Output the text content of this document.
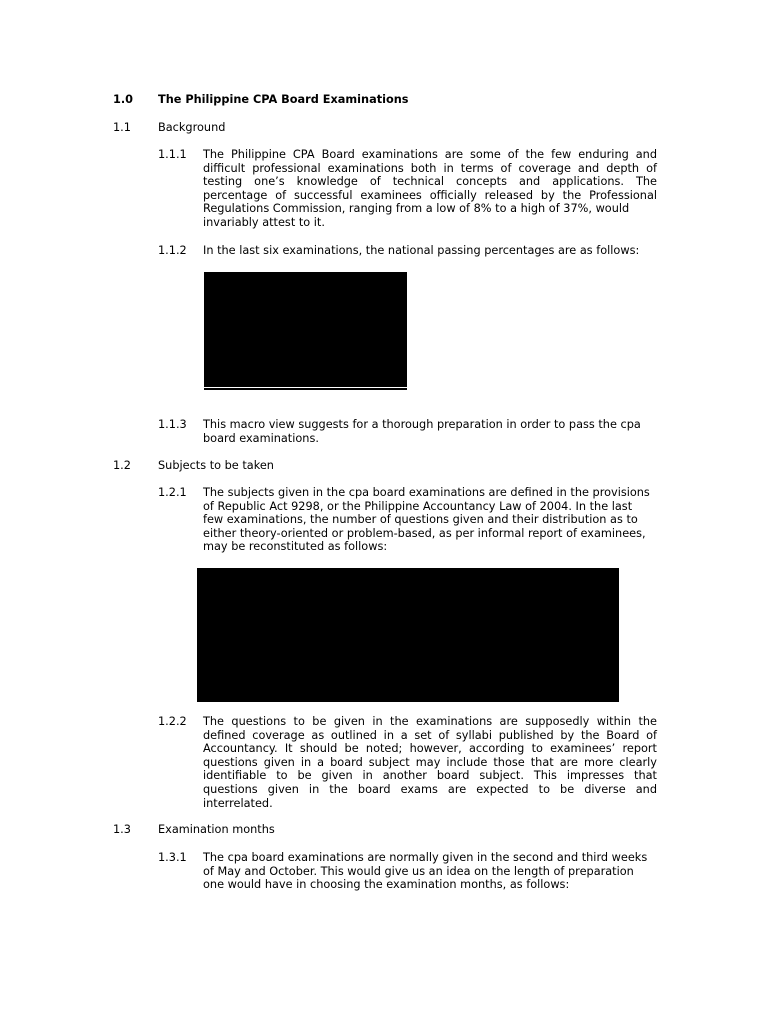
1.0 The Philippine CPA Board Examinations
1.1 Background
1.1.1 The Philippine CPA Board examinations are some of the few enduring and
difficult professional examinations both in terms of coverage and depth of
testing one’s knowledge of technical concepts and applications. The
percentage of successful examinees officially released by the Professional
Regulations Commission, ranging from a low of 8% to a high of 37%, would
invariably attest to it.
1.1.2 In the last six examinations, the national passing percentages are as follows:
1.1.3 This macro view suggests for a thorough preparation in order to pass the cpa
board examinations.
1.2 Subjects to be taken
1.2.1 The subjects given in the cpa board examinations are defined in the provisions
of Republic Act 9298, or the Philippine Accountancy Law of 2004. In the last
few examinations, the number of questions given and their distribution as to
either theory-oriented or problem-based, as per informal report of examinees,
may be reconstituted as follows:
1.2.2 The questions to be given in the examinations are supposedly within the
defined coverage as outlined in a set of syllabi published by the Board of
Accountancy. It should be noted; however, according to examinees’ report
questions given in a board subject may include those that are more clearly
identifiable to be given in another board subject. This impresses that
questions given in the board exams are expected to be diverse and
interrelated.
1.3 Examination months
1.3.1 The cpa board examinations are normally given in the second and third weeks
of May and October. This would give us an idea on the length of preparation
one would have in choosing the examination months, as follows:
